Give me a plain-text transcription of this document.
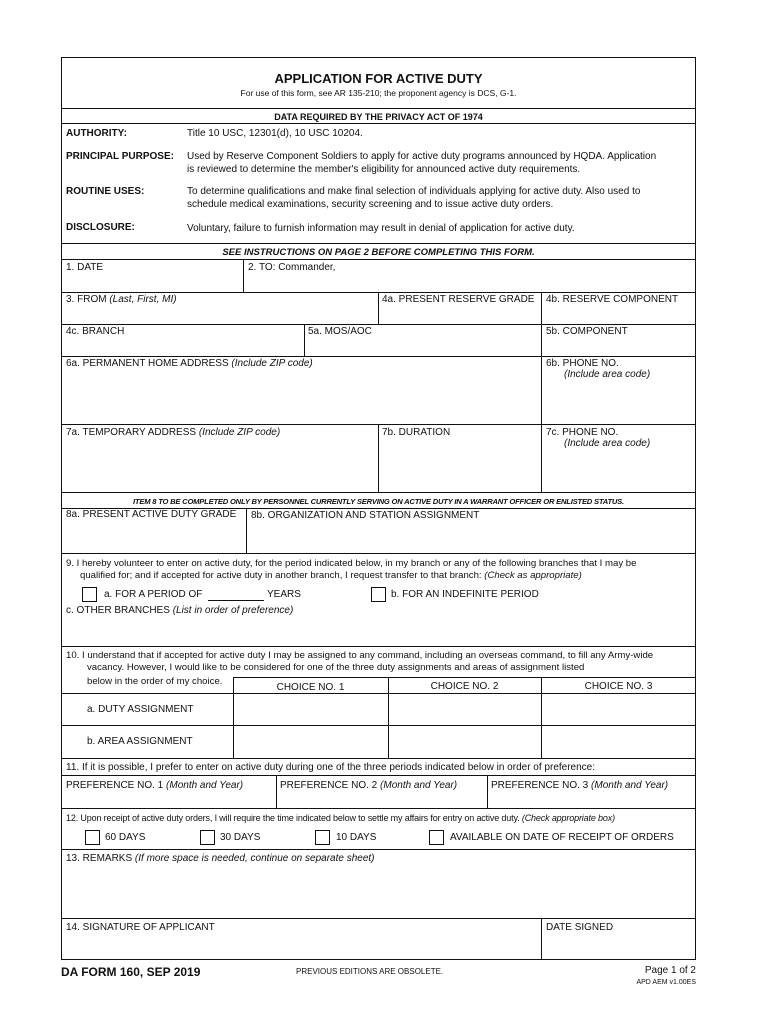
APPLICATION FOR ACTIVE DUTY
For use of this form, see AR 135-210; the proponent agency is DCS, G-1.
DATA REQUIRED BY THE PRIVACY ACT OF 1974
AUTHORITY:	Title 10 USC, 12301(d), 10 USC 10204.
PRINCIPAL PURPOSE: Used by Reserve Component Soldiers to apply for active duty programs announced by HQDA. Application
is reviewed to determine the member's eligibility for announced active duty requirements.
ROUTINE USES:	To determine qualifications and make final selection of individuals applying for active duty. Also used to
schedule medical examinations, security screening and to issue active duty orders.
DISCLOSURE:	Voluntary, failure to furnish information may result in denial of application for active duty.
SEE INSTRUCTIONS ON PAGE 2 BEFORE COMPLETING THIS FORM.
1. DATE	2. TO: Commander,
3. FROM (Last, First, MI)	4a. PRESENT RESERVE GRADE 4b. RESERVE COMPONENT
4c. BRANCH	5a. MOS/AOC	5b. COMPONENT
6a. PERMANENT HOME ADDRESS (Include ZIP code)	6b. PHONE NO.
(Include area code)
7a. TEMPORARY ADDRESS (Include ZIP code)	7b. DURATION	7c. PHONE NO.
(Include area code)
ITEM 8 TO BE COMPLETED ONLY BY PERSONNEL CURRENTLY SERVING ON ACTIVE DUTY IN A WARRANT OFFICER OR ENLISTED STATUS.
8a. PRESENT ACTIVE DUTY GRADE 8b. ORGANIZATION AND STATION ASSIGNMENT
9. I hereby volunteer to enter on active duty, for the period indicated below, in my branch or any of the following branches that I may be
qualified for; and if accepted for active duty in another branch, I request transfer to that branch: (Check as appropriate)
a. FOR A PERIOD OF	YEARS	b. FOR AN INDEFINITE PERIOD
c. OTHER BRANCHES (List in order of preference)
10. I understand that if accepted for active duty I may be assigned to any command, including an overseas command, to fill any Army-wide
vacancy. However, I would like to be considered for one of the three duty assignments and areas of assignment listed
below in the order of my choice.
CHOICE NO. 1	CHOICE NO. 2	CHOICE NO. 3
a. DUTY ASSIGNMENT
b. AREA ASSIGNMENT
11. If it is possible, I prefer to enter on active duty during one of the three periods indicated below in order of preference:
PREFERENCE NO. 1 (Month and Year)	PREFERENCE NO. 2 (Month and Year)	PREFERENCE NO. 3 (Month and Year)
12. Upon receipt of active duty orders, I will require the time indicated below to settle my affairs for entry on active duty. (Check appropriate box)
60 DAYS	30 DAYS	10 DAYS	AVAILABLE ON DATE OF RECEIPT OF ORDERS
13. REMARKS (If more space is needed, continue on separate sheet)
14. SIGNATURE OF APPLICANT	DATE SIGNED
DA FORM 160, SEP 2019	PREVIOUS EDITIONS ARE OBSOLETE.	Page 1 of 2
APD AEM v1.00ES
